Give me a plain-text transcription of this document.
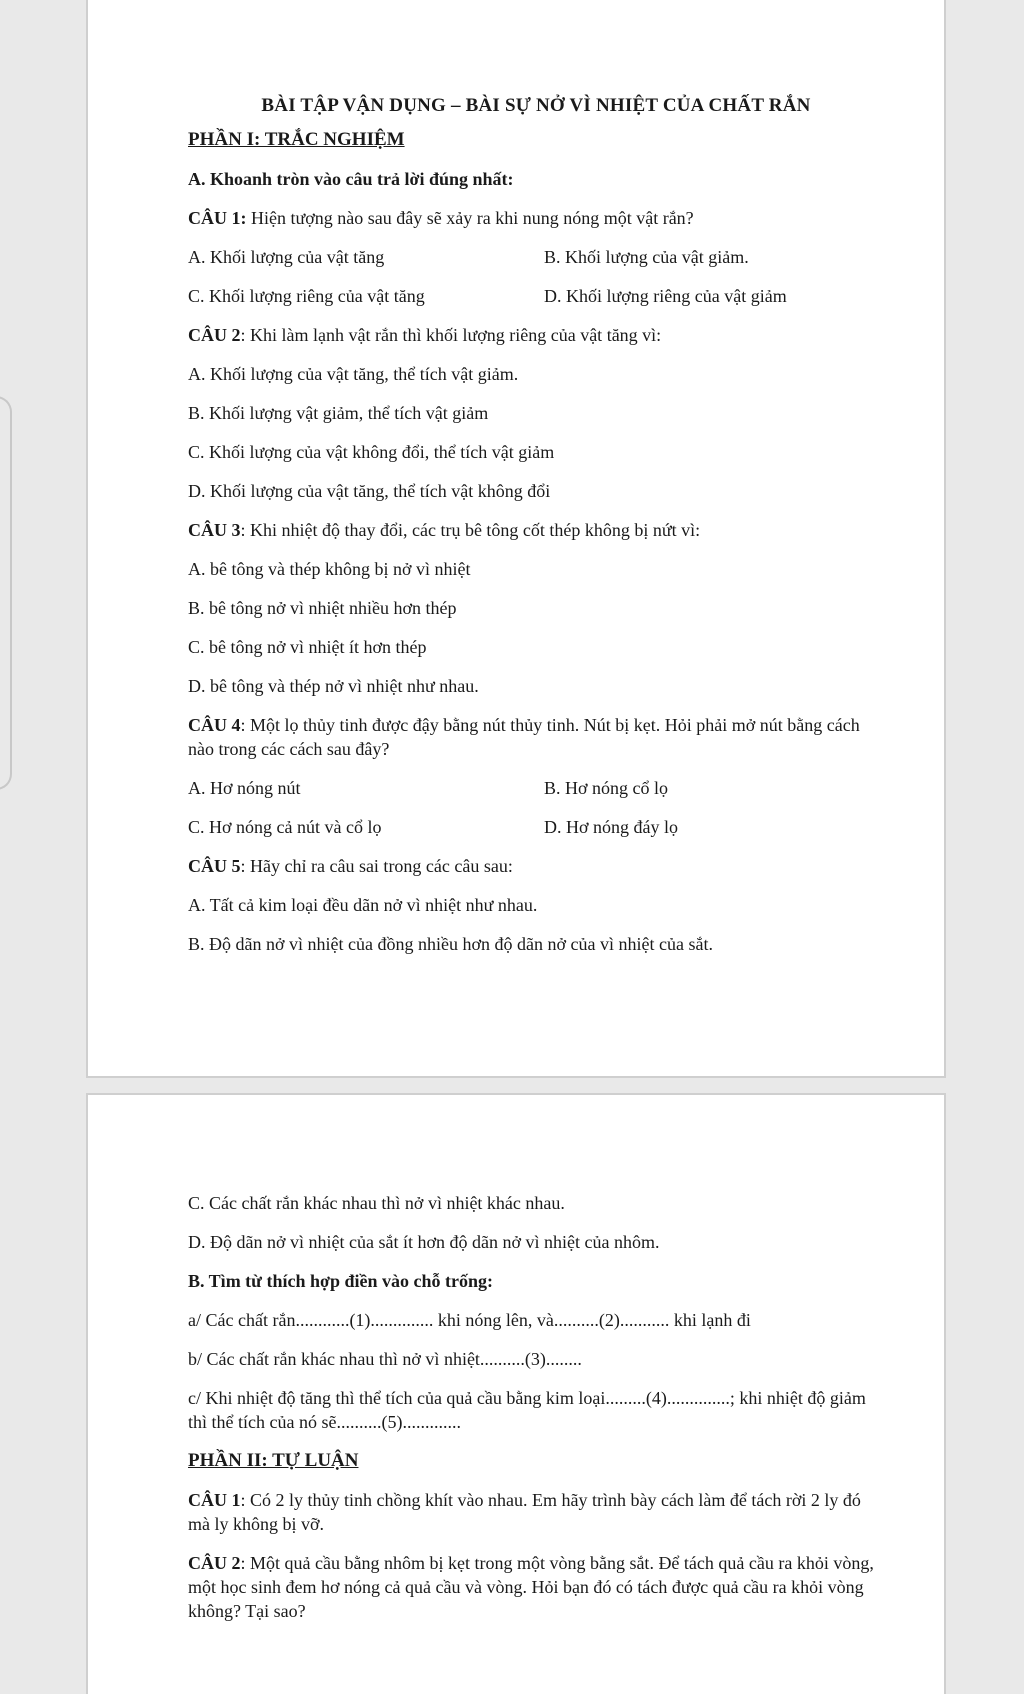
BÀI TẬP VẬN DỤNG – BÀI SỰ NỞ VÌ NHIỆT CỦA CHẤT RẮN
PHẦN I: TRẮC NGHIỆM
A. Khoanh tròn vào câu trả lời đúng nhất:
CÂU 1: Hiện tượng nào sau đây sẽ xảy ra khi nung nóng một vật rắn?
A. Khối lượng của vật tăng	B. Khối lượng của vật giảm.
C. Khối lượng riêng của vật tăng	D. Khối lượng riêng của vật giảm
CÂU 2: Khi làm lạnh vật rắn thì khối lượng riêng của vật tăng vì:
A. Khối lượng của vật tăng, thể tích vật giảm.
B. Khối lượng vật giảm, thể tích vật giảm
C. Khối lượng của vật không đổi, thể tích vật giảm
D. Khối lượng của vật tăng, thể tích vật không đổi
CÂU 3: Khi nhiệt độ thay đổi, các trụ bê tông cốt thép không bị nứt vì:
A. bê tông và thép không bị nở vì nhiệt
B. bê tông nở vì nhiệt nhiều hơn thép
C. bê tông nở vì nhiệt ít hơn thép
D. bê tông và thép nở vì nhiệt như nhau.
CÂU 4: Một lọ thủy tinh được đậy bằng nút thủy tinh. Nút bị kẹt. Hỏi phải mở nút bằng cách nào trong các cách sau đây?
A. Hơ nóng nút	B. Hơ nóng cổ lọ
C. Hơ nóng cả nút và cổ lọ	D. Hơ nóng đáy lọ
CÂU 5: Hãy chỉ ra câu sai trong các câu sau:
A. Tất cả kim loại đều dãn nở vì nhiệt như nhau.
B. Độ dãn nở vì nhiệt của đồng nhiều hơn độ dãn nở của vì nhiệt của sắt.
C. Các chất rắn khác nhau thì nở vì nhiệt khác nhau.
D. Độ dãn nở vì nhiệt của sắt ít hơn độ dãn nở vì nhiệt của nhôm.
B. Tìm từ thích hợp điền vào chỗ trống:
a/ Các chất rắn............(1).............. khi nóng lên, và..........(2)........... khi lạnh đi
b/ Các chất rắn khác nhau thì nở vì nhiệt..........(3)........
c/ Khi nhiệt độ tăng thì thể tích của quả cầu bằng kim loại.........(4)..............; khi nhiệt độ giảm thì thể tích của nó sẽ..........(5).............
PHẦN II: TỰ LUẬN
CÂU 1: Có 2 ly thủy tinh chồng khít vào nhau. Em hãy trình bày cách làm để tách rời 2 ly đó mà ly không bị vỡ.
CÂU 2: Một quả cầu bằng nhôm bị kẹt trong một vòng bằng sắt. Để tách quả cầu ra khỏi vòng, một học sinh đem hơ nóng cả quả cầu và vòng. Hỏi bạn đó có tách được quả cầu ra khỏi vòng không? Tại sao?
